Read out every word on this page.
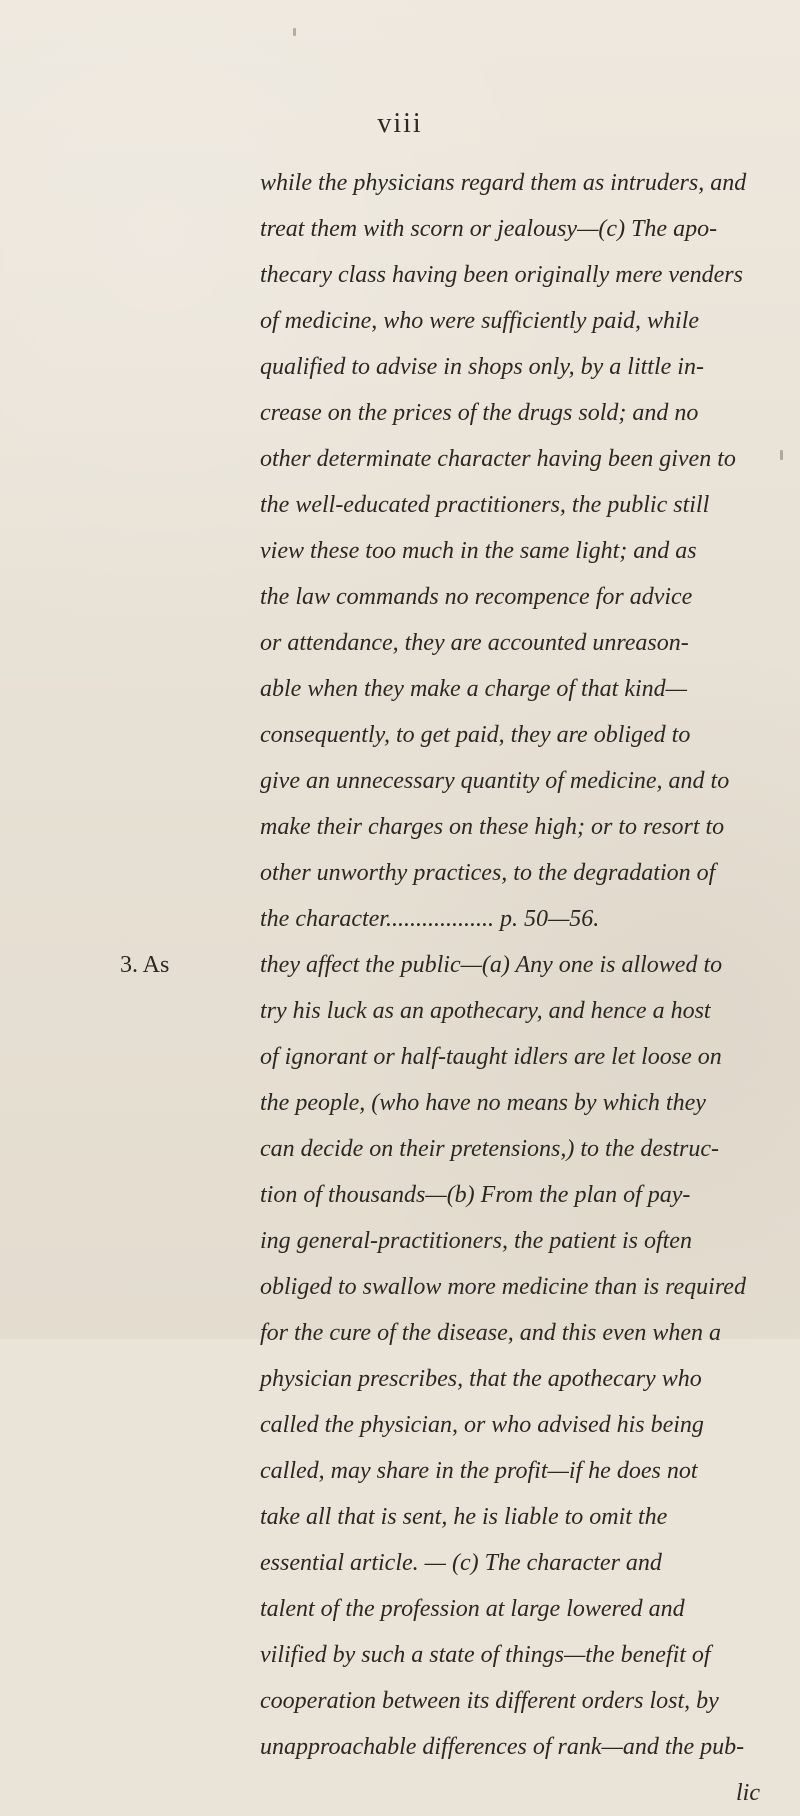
viii
while the physicians regard them as intruders, and
treat them with scorn or jealousy—(c) The apo-
thecary class having been originally mere venders
of medicine, who were sufficiently paid, while
qualified to advise in shops only, by a little in-
crease on the prices of the drugs sold; and no
other determinate character having been given to
the well-educated practitioners, the public still
view these too much in the same light; and as
the law commands no recompence for advice
or attendance, they are accounted unreason-
able when they make a charge of that kind—
consequently, to get paid, they are obliged to
give an unnecessary quantity of medicine, and to
make their charges on these high; or to resort to
other unworthy practices, to the degradation of
the character.................. p. 50—56.
3. As	they affect the public—(a) Any one is allowed to
try his luck as an apothecary, and hence a host
of ignorant or half-taught idlers are let loose on
the people, (who have no means by which they
can decide on their pretensions,) to the destruc-
tion of thousands—(b) From the plan of pay-
ing general-practitioners, the patient is often
obliged to swallow more medicine than is required
for the cure of the disease, and this even when a
physician prescribes, that the apothecary who
called the physician, or who advised his being
called, may share in the profit—if he does not
take all that is sent, he is liable to omit the
essential article. — (c) The character and
talent of the profession at large lowered and
vilified by such a state of things—the benefit of
cooperation between its different orders lost, by
unapproachable differences of rank—and the pub-
lic
